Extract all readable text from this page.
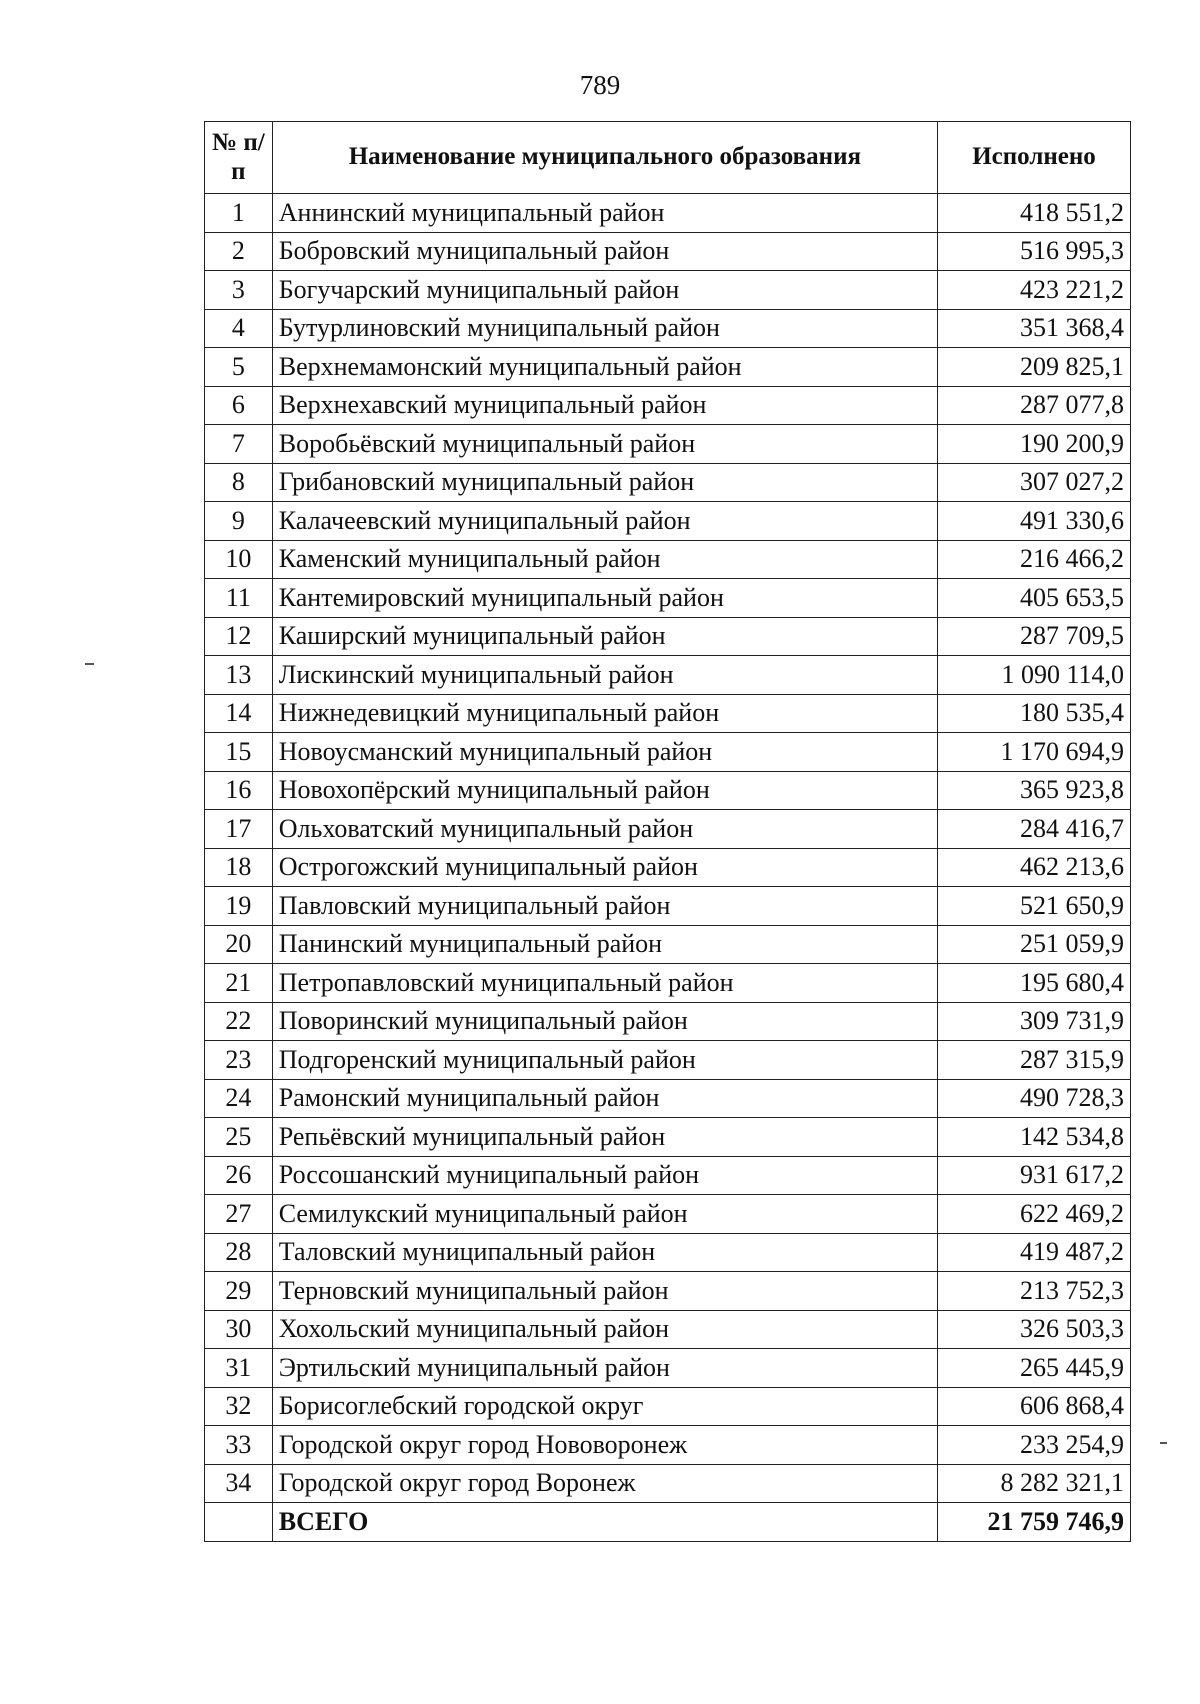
789
№ п/п	Наименование муниципального образования	Исполнено
1	Аннинский муниципальный район	418 551,2
2	Бобровский муниципальный район	516 995,3
3	Богучарский муниципальный район	423 221,2
4	Бутурлиновский муниципальный район	351 368,4
5	Верхнемамонский муниципальный район	209 825,1
6	Верхнехавский муниципальный район	287 077,8
7	Воробьёвский муниципальный район	190 200,9
8	Грибановский муниципальный район	307 027,2
9	Калачеевский муниципальный район	491 330,6
10	Каменский муниципальный район	216 466,2
11	Кантемировский муниципальный район	405 653,5
12	Каширский муниципальный район	287 709,5
13	Лискинский муниципальный район	1 090 114,0
14	Нижнедевицкий муниципальный район	180 535,4
15	Новоусманский муниципальный район	1 170 694,9
16	Новохопёрский муниципальный район	365 923,8
17	Ольховатский муниципальный район	284 416,7
18	Острогожский муниципальный район	462 213,6
19	Павловский муниципальный район	521 650,9
20	Панинский муниципальный район	251 059,9
21	Петропавловский муниципальный район	195 680,4
22	Поворинский муниципальный район	309 731,9
23	Подгоренский муниципальный район	287 315,9
24	Рамонский муниципальный район	490 728,3
25	Репьёвский муниципальный район	142 534,8
26	Россошанский муниципальный район	931 617,2
27	Семилукский муниципальный район	622 469,2
28	Таловский муниципальный район	419 487,2
29	Терновский муниципальный район	213 752,3
30	Хохольский муниципальный район	326 503,3
31	Эртильский муниципальный район	265 445,9
32	Борисоглебский городской округ	606 868,4
33	Городской округ город Нововоронеж	233 254,9
34	Городской округ город Воронеж	8 282 321,1
	ВСЕГО	21 759 746,9
